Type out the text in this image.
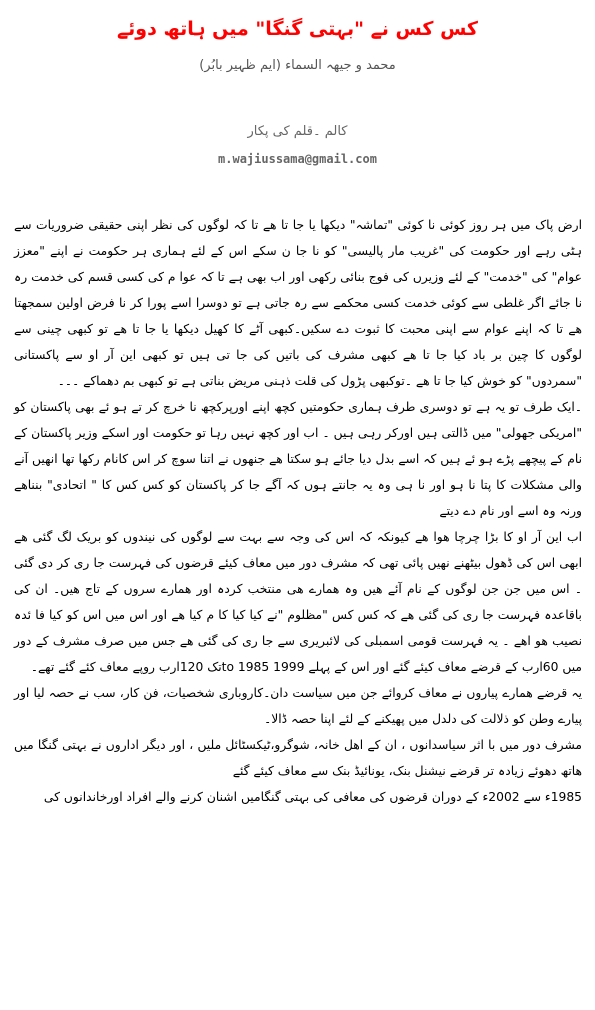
کس کس نے "بہتی گنگا" میں ہاتھ دوئے
محمد و جیھہ السماء (ایم ظہیر بابُر)
کالم ۔قلم کی پکار
m.wajiussama@gmail.com

ارض پاک میں ہر روز کوئی نا کوئی "تماشہ" دیکھا یا جا تا ھے تا کہ لوگوں کی نظر اپنی حقیقی ضروریات سے ہٹی رہے اور حکومت کی "غریب مار پالیسی" کو نا جا ن سکے اس کے لئے ہماری ہر حکومت نے اپنے "معزز عوام" کی "خدمت" کے لئے وزیرں کی فوج بنائی رکھی اور اب بھی ہے تا کہ عوا م کی کسی قسم کی خدمت رہ نا جائے اگر غلطی سے کوئی خدمت کسی محکمے سے رہ جاتی ہے تو دوسرا اسے پورا کر نا فرض اولین سمجھتا ھے تا کہ اپنے عوام سے اپنی محبت کا ثبوت دے سکیں۔کبھی آٹے کا کھیل دیکھا یا جا تا ھے تو کبھی چینی سے لوگوں کا چین بر باد کیا جا تا ھے کبھی مشرف کی باتیں کی جا تی ہیں تو کبھی این آر او سے پاکستانی "سمردوں" کو خوش کیا جا تا ھے ۔توکبھی پڑول کی قلت ذہنی مریض بناتی ہے تو کبھی بم دھماکے ۔۔۔

۔ایک طرف تو یہ ہے تو دوسری طرف ہماری حکومتیں کچھ اپنے اورپرکچھ نا خرچ کر تے ہو ئے بھی پاکستان کو "امریکی جھولی" میں ڈالتی ہیں اورکر رہی ہیں ۔ اب اور کچھ نہیں رہا تو حکومت اور اسکے وزیر پاکستان کے نام کے پیچھے پڑے ہو ئے ہیں کہ اسے بدل دیا جائے ہو سکتا ھے جنھوں نے اتنا سوچ کر اس کانام رکھا تھا انھیں آنے والی مشکلات کا پتا نا ہو اور نا ہی وہ یہ جانتے ہوں کہ آگے جا کر پاکستان کو کس کس کا " اتحادی" بنناھے ورنہ وہ اسے اور نام دے دیتے

اب این آر او کا بڑا چرچا ھوا ھے کیونکہ کہ اس کی وجہ سے بہت سے لوگوں کی نیندوں کو بریک لگ گئی ھے ابھی اس کی ڈھول بیٹھنے نھیں پائی تھی کہ مشرف دور میں معاف کیئے قرضوں کی فہرست جا ری کر دی گئی ۔ اس میں جن جن لوگوں کے نام آئے ھیں وہ ھمارے ھی منتخب کردہ اور ھمارے سروں کے تاج ھیں۔ ان کی باقاعدہ فہرست جا ری کی گئی ھے کہ کس کس "مظلوم "نے کیا کیا کا م کیا ھے اور اس میں اس کو کیا فا ئدہ نصیب ھو اھے ۔ یہ فہرست قومی اسمبلی کی لائبریری سے جا ری کی گئی ھے جس میں صرف مشرف کے دور میں 60ارب کے قرضے معاف کیئے گئے اور اس کے پہلے 1999 to 1985تک 120ارب روپے معاف کئے گئے تھے۔

یہ قرضے ھمارے پیاروں نے معاف کروائے جن میں سیاست دان۔کاروباری شخصیات، فن کار، سب نے حصہ لیا اور پیارے وطن کو ذلالت کی دلدل میں پھیکنے کے لئے اپنا حصہ ڈالا۔

مشرف دور میں با اثر سیاسدانوں ، ان کے اھل خانہ، شوگرو،ٹیکسٹائل ملیں ، اور دیگر اداروں نے بہتی گنگا میں ھاتھ دھوئے زیادہ تر قرضے نیشنل بنک، یونائیڈ بنک سے معاف کیئے گئے

1985ء سے 2002ء کے دوران قرضوں کی معافی کی بہتی گنگامیں اشنان کرنے والے افراد اورخاندانوں کی
